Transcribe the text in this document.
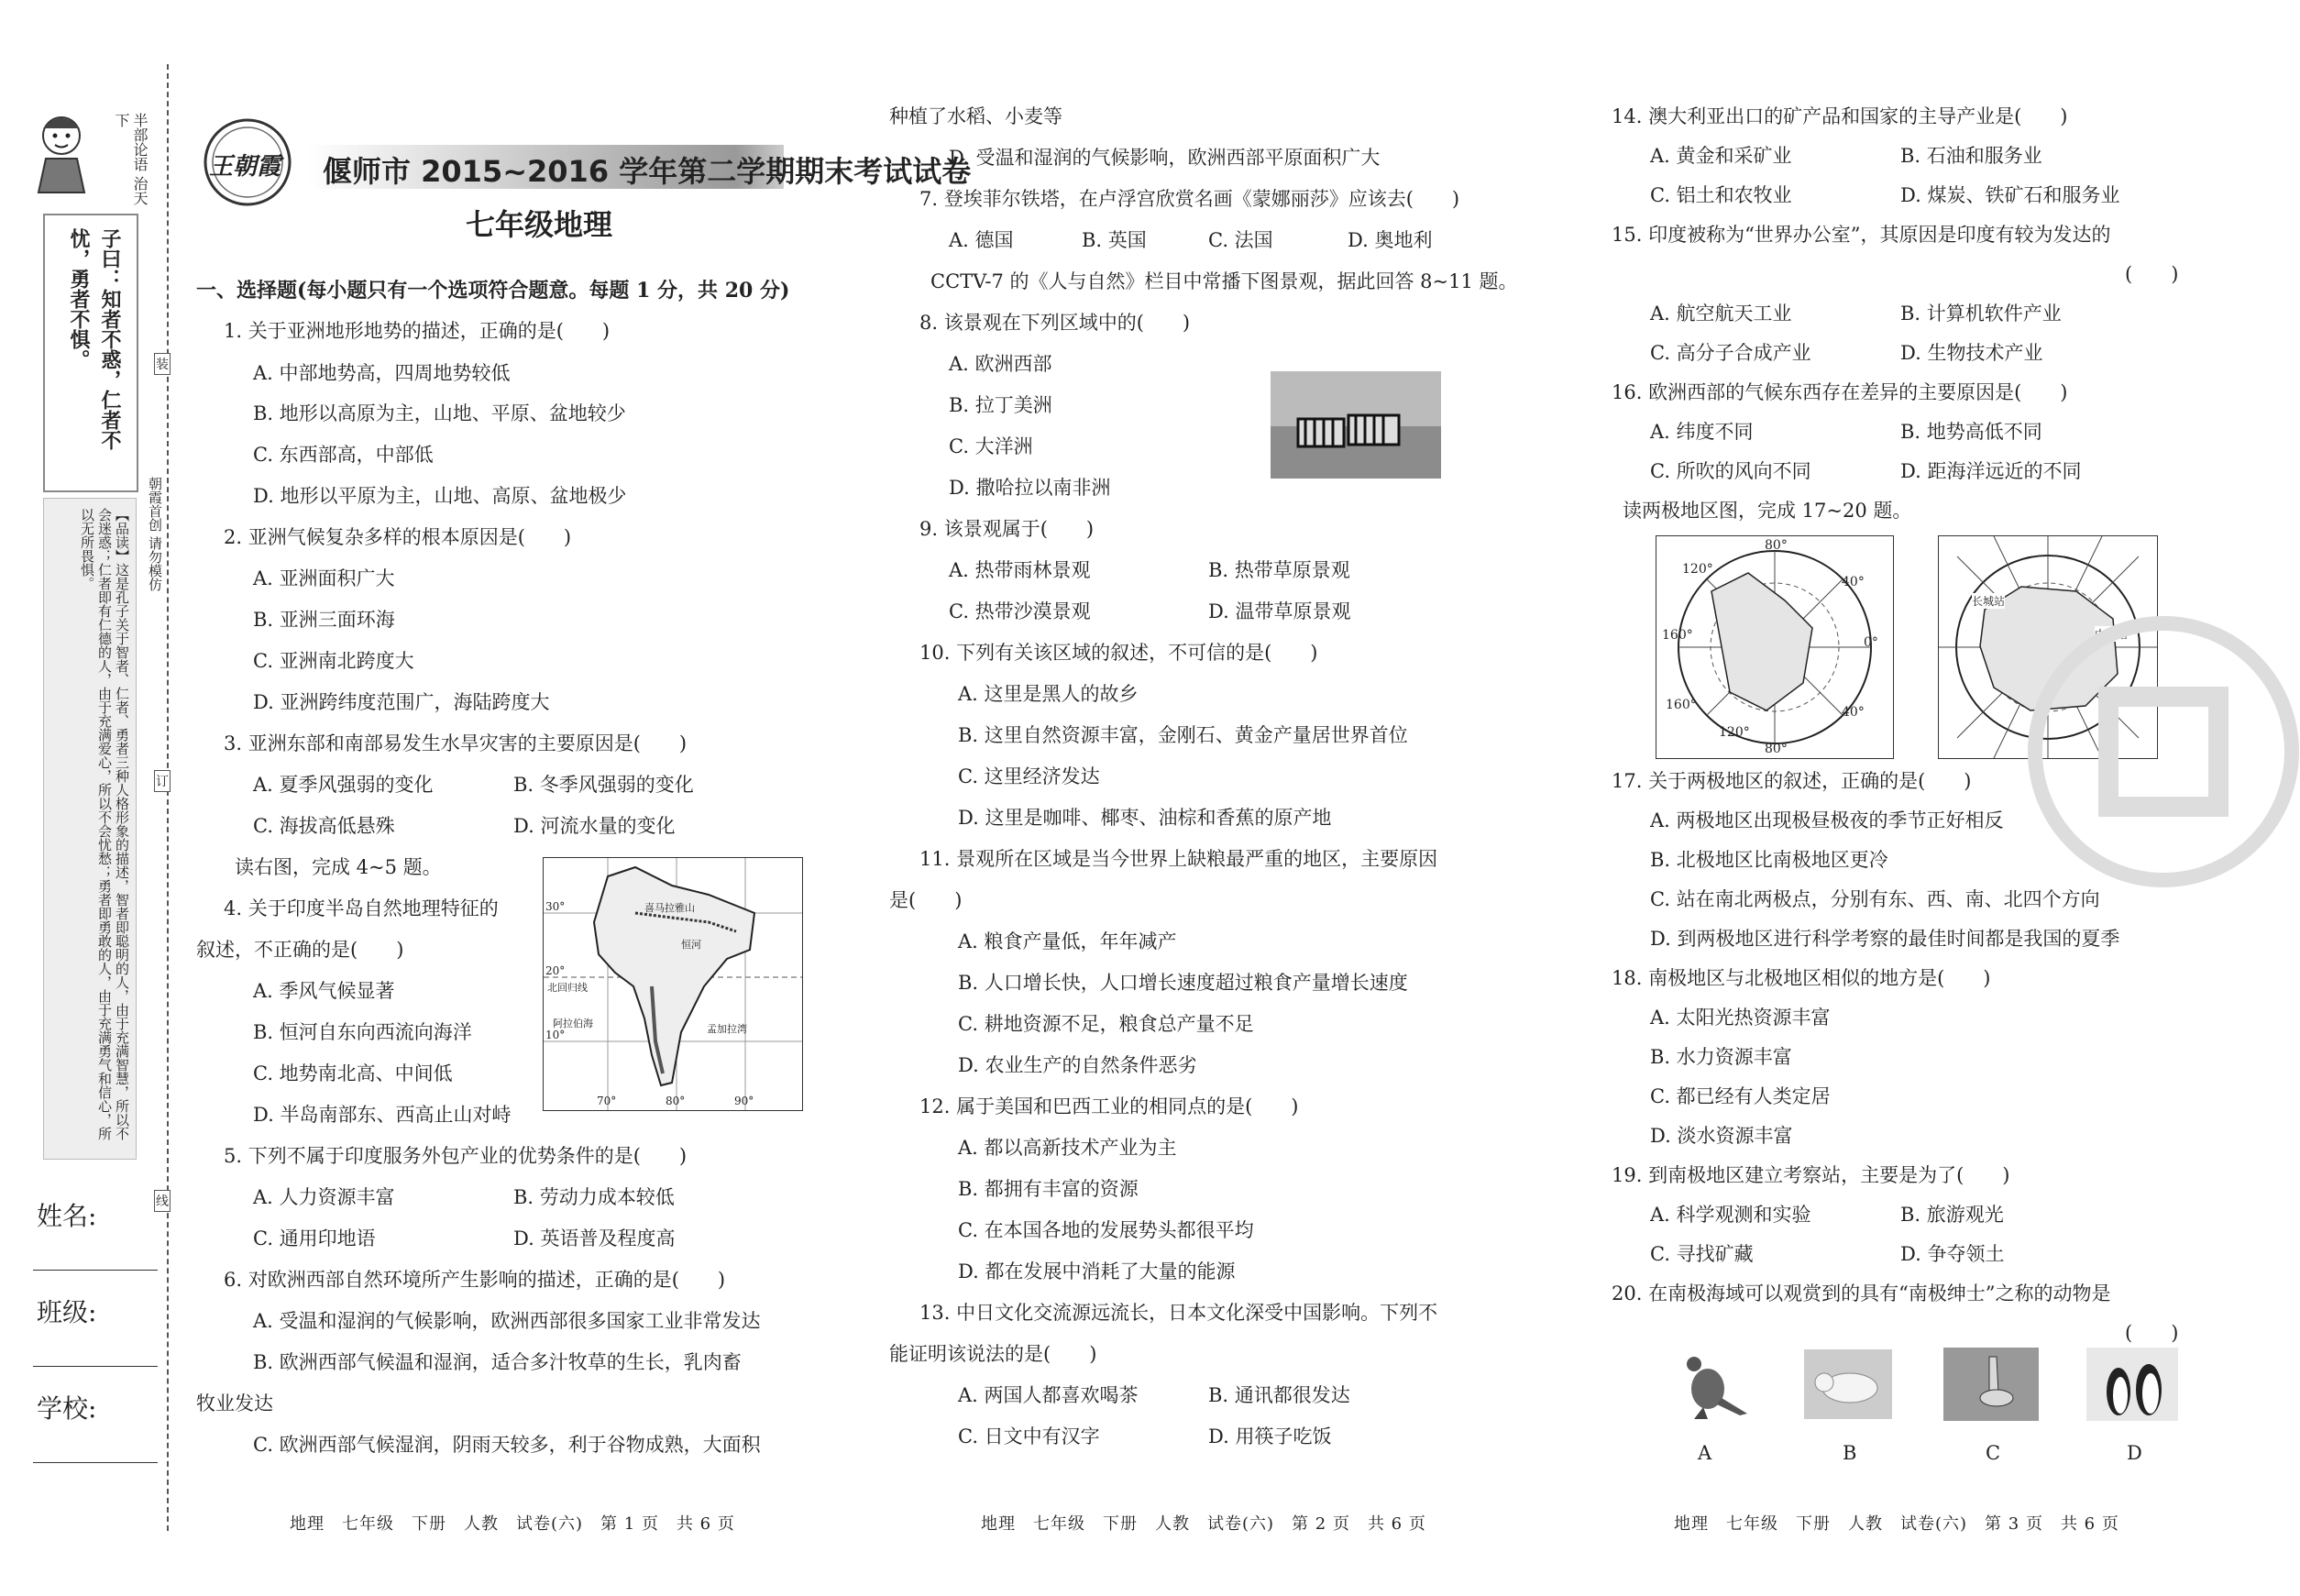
半部论语 治天下
子曰：知者不惑，仁者不忧，勇者不惧。
【品读】这是孔子关于智者、仁者、勇者三种人格形象的描述，智者即聪明的人，由于充满智慧，所以不会迷惑；仁者即有仁德的人，由于充满爱心，所以不会忧愁；勇者即勇敢的人，由于充满勇气和信心，所以无所畏惧。
装
订
线
朝霞首创 请勿模仿
姓名:
班级:
学校:
王朝霞 偃师市 2015~2016 学年第二学期期末考试试卷
七年级地理
一、选择题(每小题只有一个选项符合题意。每题 1 分，共 20 分)
1. 关于亚洲地形地势的描述，正确的是(　　)
A. 中部地势高，四周地势较低
B. 地形以高原为主，山地、平原、盆地较少
C. 东西部高，中部低
D. 地形以平原为主，山地、高原、盆地极少
2. 亚洲气候复杂多样的根本原因是(　　)
A. 亚洲面积广大
B. 亚洲三面环海
C. 亚洲南北跨度大
D. 亚洲跨纬度范围广，海陆跨度大
3. 亚洲东部和南部易发生水旱灾害的主要原因是(　　)
A. 夏季风强弱的变化	B. 冬季风强弱的变化
C. 海拔高低悬殊	D. 河流水量的变化
读右图，完成 4~5 题。
4. 关于印度半岛自然地理特征的
叙述，不正确的是(　　)
A. 季风气候显著
B. 恒河自东向西流向海洋
C. 地势南北高、中间低
D. 半岛南部东、西高止山对峙
5. 下列不属于印度服务外包产业的优势条件的是(　　)
A. 人力资源丰富	B. 劳动力成本较低
C. 通用印地语	D. 英语普及程度高
6. 对欧洲西部自然环境所产生影响的描述，正确的是(　　)
A. 受温和湿润的气候影响，欧洲西部很多国家工业非常发达
B. 欧洲西部气候温和湿润，适合多汁牧草的生长，乳肉畜
牧业发达
C. 欧洲西部气候湿润，阴雨天较多，利于谷物成熟，大面积
种植了水稻、小麦等
D. 受温和湿润的气候影响，欧洲西部平原面积广大
7. 登埃菲尔铁塔，在卢浮宫欣赏名画《蒙娜丽莎》应该去(　　)
A. 德国	B. 英国	C. 法国	D. 奥地利
CCTV-7 的《人与自然》栏目中常播下图景观，据此回答 8~11 题。
8. 该景观在下列区域中的(　　)
A. 欧洲西部
B. 拉丁美洲
C. 大洋洲
D. 撒哈拉以南非洲
9. 该景观属于(　　)
A. 热带雨林景观	B. 热带草原景观
C. 热带沙漠景观	D. 温带草原景观
10. 下列有关该区域的叙述，不可信的是(　　)
A. 这里是黑人的故乡
B. 这里自然资源丰富，金刚石、黄金产量居世界首位
C. 这里经济发达
D. 这里是咖啡、椰枣、油棕和香蕉的原产地
11. 景观所在区域是当今世界上缺粮最严重的地区，主要原因
是(　　)
A. 粮食产量低，年年减产
B. 人口增长快，人口增长速度超过粮食产量增长速度
C. 耕地资源不足，粮食总产量不足
D. 农业生产的自然条件恶劣
12. 属于美国和巴西工业的相同点的是(　　)
A. 都以高新技术产业为主
B. 都拥有丰富的资源
C. 在本国各地的发展势头都很平均
D. 都在发展中消耗了大量的能源
13. 中日文化交流源远流长，日本文化深受中国影响。下列不
能证明该说法的是(　　)
A. 两国人都喜欢喝茶	B. 通讯都很发达
C. 日文中有汉字	D. 用筷子吃饭
14. 澳大利亚出口的矿产品和国家的主导产业是(　　)
A. 黄金和采矿业	B. 石油和服务业
C. 铝土和农牧业	D. 煤炭、铁矿石和服务业
15. 印度被称为“世界办公室”，其原因是印度有较为发达的
(　　)
A. 航空航天工业	B. 计算机软件产业
C. 高分子合成产业	D. 生物技术产业
16. 欧洲西部的气候东西存在差异的主要原因是(　　)
A. 纬度不同	B. 地势高低不同
C. 所吹的风向不同	D. 距海洋远近的不同
读两极地区图，完成 17~20 题。
17. 关于两极地区的叙述，正确的是(　　)
A. 两极地区出现极昼极夜的季节正好相反
B. 北极地区比南极地区更冷
C. 站在南北两极点，分别有东、西、南、北四个方向
D. 到两极地区进行科学考察的最佳时间都是我国的夏季
18. 南极地区与北极地区相似的地方是(　　)
A. 太阳光热资源丰富
B. 水力资源丰富
C. 都已经有人类定居
D. 淡水资源丰富
19. 到南极地区建立考察站，主要是为了(　　)
A. 科学观测和实验	B. 旅游观光
C. 寻找矿藏	D. 争夺领土
20. 在南极海域可以观赏到的具有“南极绅士”之称的动物是
(　　)
30°
20°
10°
70°	80°	90°
阿拉伯海	孟加拉湾
喜马拉雅山
恒河
北回归线
80°
120°
40°
160°	0°
160°	40°
120°
80°
长城站
中山站
A	B	C	D
地理　七年级　下册　人教　试卷(六)　 第 1 页　共 6 页	地理　七年级　下册　人教　试卷(六)　 第 2 页　共 6 页	地理　七年级　下册　人教　试卷(六)　 第 3 页　共 6 页
